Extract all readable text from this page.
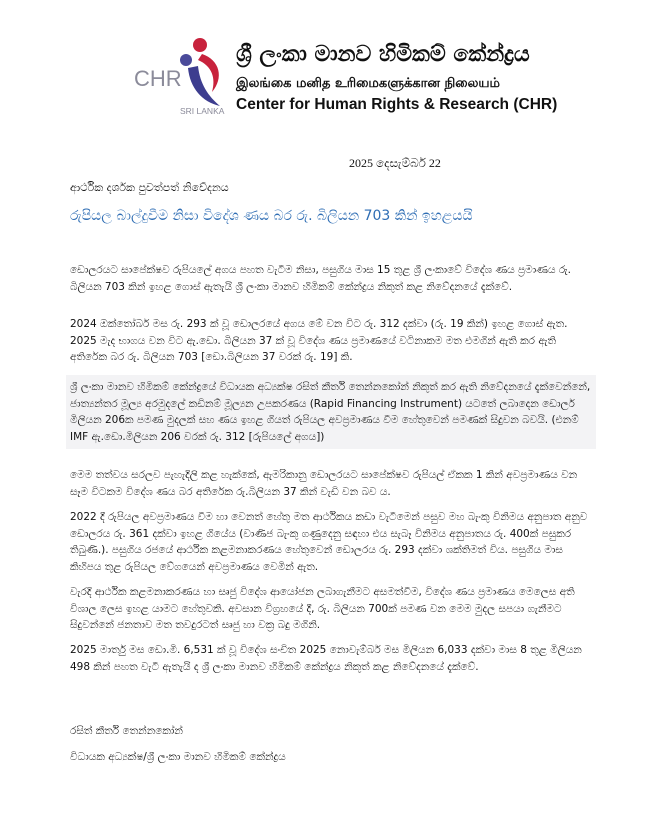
CHR
SRI LANKA
ශ්‍රී ලංකා මානව හිමිකම් කේන්ද්‍රය
இலங்கை மனித உரிமைகளுக்கான நிலையம்
Center for Human Rights & Research (CHR)
2025 දෙසැම්බර් 22
ආර්ථික දර්ශක පුවත්පත් නිවේදනය
රුපියල බාල්දුවීම නිසා විදේශ ණය බර රු. බිලියන 703 කින් ඉහළයයි

ඩොලරයට සාපේක්ෂව රුපියලේ අගය පහත වැටීම නිසා, පසුගිය මාස 15 තුළ ශ්‍රී ලංකාවේ විදේශ ණය ප්‍රමාණය රු. බිලියන 703 කින් ඉහළ ගොස් ඇතැයි ශ්‍රී ලංකා මානව හිමිකම් කේන්ද්‍රය නිකුත් කළ නිවේදනයේ දැක්වේ.

2024 ඔක්තෝබර් මස රු. 293 ක් වූ ඩොලරයේ අගය මේ වන විට රු. 312 දක්වා (රු. 19 කින්) ඉහළ ගොස් ඇත. 2025 මැද භාගය වන විට ඇ.ඩො. බිලියන 37 ක් වූ විදේශ ණය ප්‍රමාණයේ වටිනාකම මත එමගින් ඇති කර ඇති අතිරේක බර රු. බිලියන 703 [ඩො.බිලියන 37 වරක් රු. 19] කි.

ශ්‍රී ලංකා මානව හිමිකම් කේන්ද්‍රයේ විධායක අධ්‍යක්ෂ රසිත් කීර්ති තෙන්නකෝන් නිකුත් කර ඇති නිවේදනයේ දැක්වෙන්නේ, ජාත්‍යන්තර මූල්‍ය අරමුදලේ කඩිනම් මූල්‍යන උපකරණය (Rapid Financing Instrument) යටතේ ලබාදෙන ඩොලර් මිලියන 206ක පමණ මුදලක් සහ ණය ඉහළ ගියත් රුපියල අවප්‍රමාණය වීම හේතුවෙන් පමණක් සිදුවන බවයි. (එනම් IMF ඇ.ඩො.මිලියන 206 වරක් රු. 312 [රුපියලේ අගය])

මෙම තත්වය සරලව පැහැදිලි කළ හැක්කේ, ඇමරිකානු ඩොලරයට සාපේක්ෂව රුපියල් ඒකක 1 කින් අවප්‍රමාණය වන සෑම විටකම විදේශ ණය බර අතිරේක රු.බිලියන 37 කින් වැඩි වන බව ය.

2022 දී රුපියල අවප්‍රමාණය වීම හා වෙනත් හේතු මත ආර්ථිකය කඩා වැටීමෙන් පසුව මහ බැංකු විනිමය අනුපාත අනුව ඩොලරය රු. 361 දක්වා ඉහළ ගියේය (වාණිජ බැංකු ගණුදෙනු සඳහා එය සැබෑ විනිමය අනුපාතය රු. 400ක් පසුකර තිබුණි.). පසුගිය රජයේ ආර්ථික කළමනාකරණය හේතුවෙන් ඩොලරය රු. 293 දක්වා ශක්තිමත් විය. පසුගිය මාස කිහිපය තුළ රුපියල වේගයෙන් අවප්‍රමාණය වෙමින් ඇත.

වැරදි ආර්ථික කළමනාකරණය හා සෘජු විදේශ ආයෝජන ලබාගැනීමට අසමත්වීම, විදේශ ණය ප්‍රමාණය මෙලෙස අති විශාල ලෙස ඉහළ යාමට හේතුවකි. අවසාන විග්‍රහයේ දී, රු. බිලියන 700ක් පමණ වන මෙම මුදල සපයා ගැනීමට සිදුවන්නේ ජනතාව මත තවදුරටත් සෘජු හා වක්‍ර බදු මගිනි.

2025 මාර්තු මස ඩො.මි. 6,531 ක් වූ විදේශ සංචිත 2025 නොවැම්බර් මස මිලියන 6,033 දක්වා මාස 8 තුළ මිලියන 498 කින් පහත වැටී ඇතැයි ද ශ්‍රී ලංකා මානව හිමිකම් කේන්ද්‍රය නිකුත් කළ නිවේදනයේ දැක්වේ.

රසිත් කීර්ති තෙන්නකෝන්
විධායක අධ්‍යක්ෂ/ශ්‍රී ලංකා මානව හිමිකම් කේන්ද්‍රය
